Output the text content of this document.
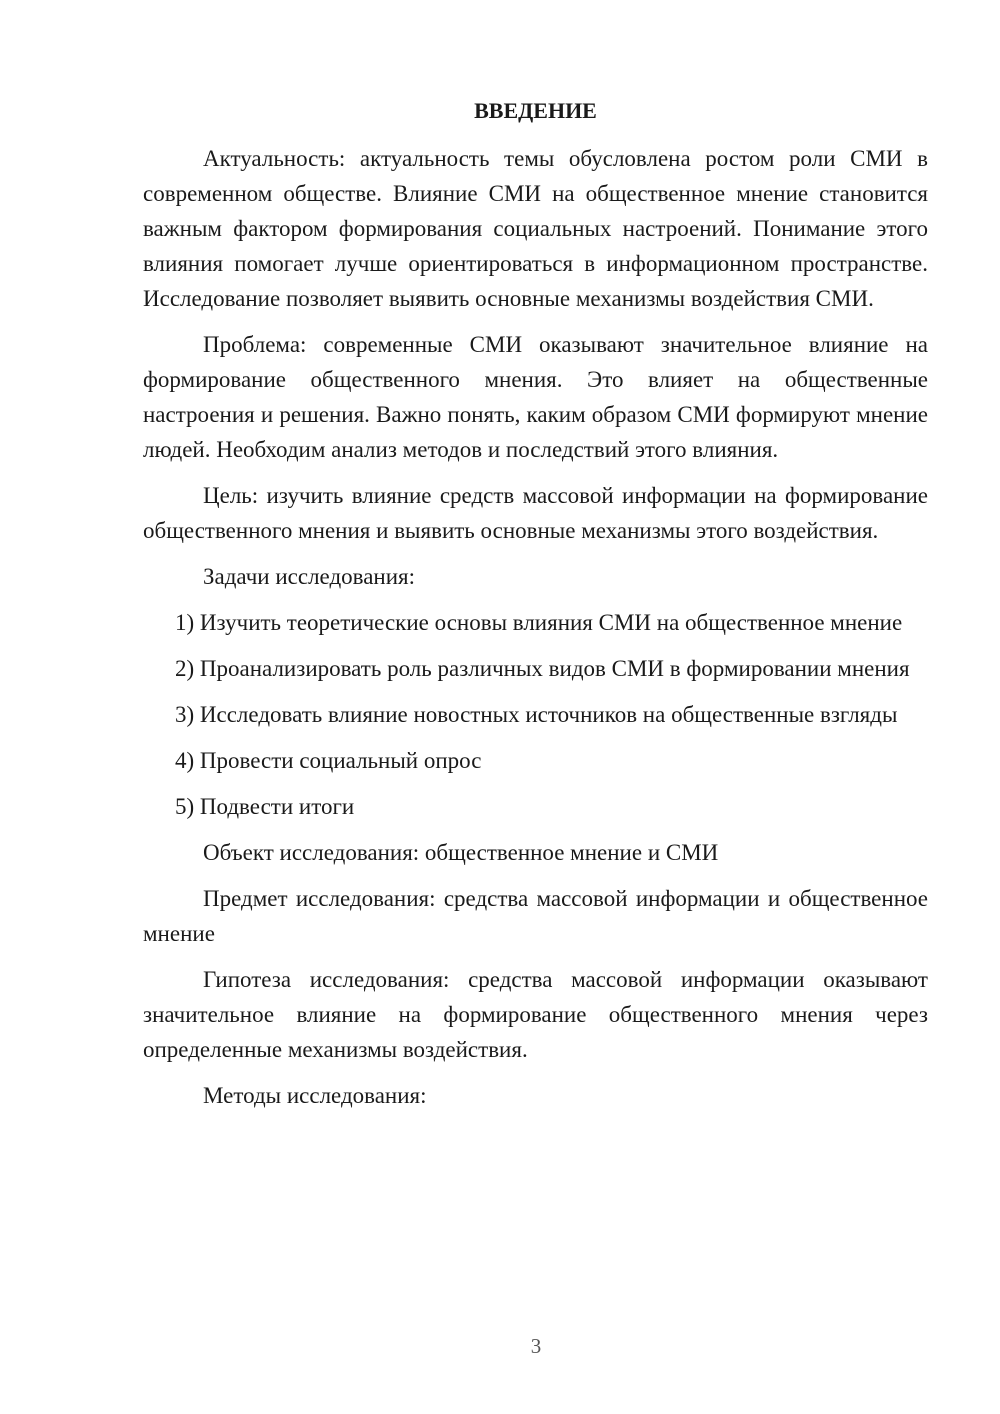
ВВЕДЕНИЕ

Актуальность: актуальность темы обусловлена ростом роли СМИ в современном обществе. Влияние СМИ на общественное мнение становится важным фактором формирования социальных настроений. Понимание этого влияния помогает лучше ориентироваться в информационном пространстве. Исследование позволяет выявить основные механизмы воздействия СМИ.

Проблема: современные СМИ оказывают значительное влияние на формирование общественного мнения. Это влияет на общественные настроения и решения. Важно понять, каким образом СМИ формируют мнение людей. Необходим анализ методов и последствий этого влияния.

Цель: изучить влияние средств массовой информации на формирование общественного мнения и выявить основные механизмы этого воздействия.

Задачи исследования:

1) Изучить теоретические основы влияния СМИ на общественное мнение

2) Проанализировать роль различных видов СМИ в формировании мнения

3) Исследовать влияние новостных источников на общественные взгляды

4) Провести социальный опрос

5) Подвести итоги

Объект исследования: общественное мнение и СМИ

Предмет исследования: средства массовой информации и общественное мнение

Гипотеза исследования: средства массовой информации оказывают значительное влияние на формирование общественного мнения через определенные механизмы воздействия.

Методы исследования:

3
